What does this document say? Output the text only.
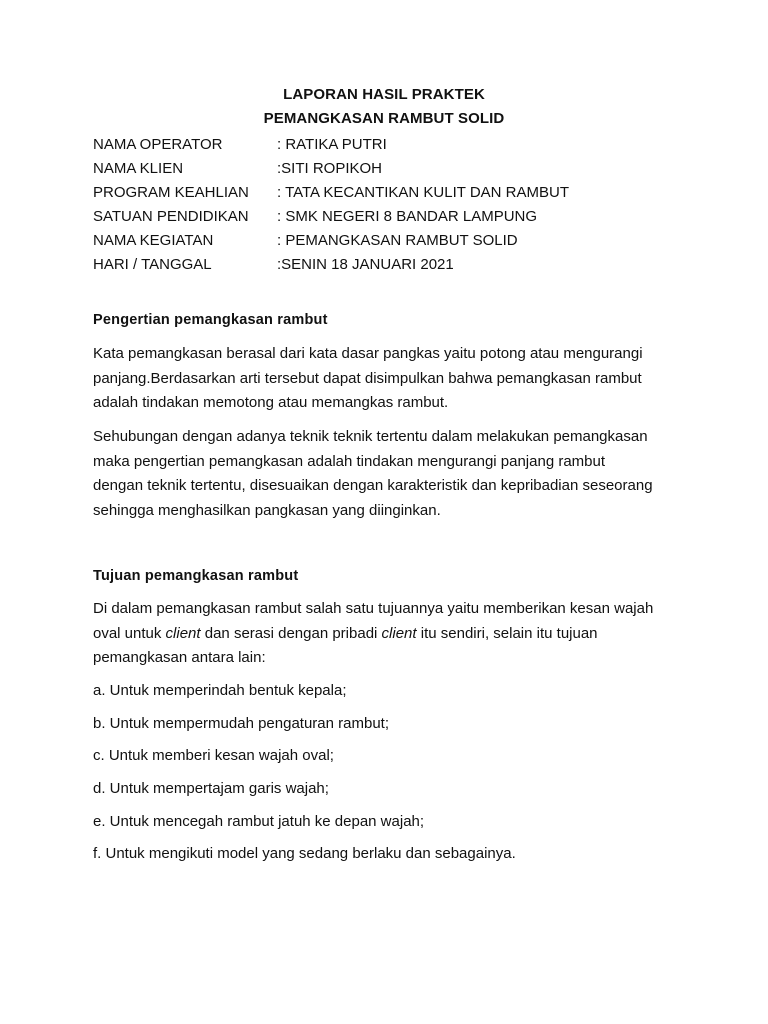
LAPORAN HASIL PRAKTEK
PEMANGKASAN RAMBUT SOLID
NAMA OPERATOR	: RATIKA PUTRI
NAMA KLIEN	:SITI ROPIKOH
PROGRAM KEAHLIAN : TATA KECANTIKAN KULIT DAN RAMBUT
SATUAN PENDIDIKAN : SMK NEGERI 8 BANDAR LAMPUNG
NAMA KEGIATAN	: PEMANGKASAN RAMBUT SOLID
HARI / TANGGAL	:SENIN 18 JANUARI 2021
Pengertian pemangkasan rambut
Kata pemangkasan berasal dari kata dasar pangkas yaitu potong atau mengurangi
panjang.Berdasarkan arti tersebut dapat disimpulkan bahwa pemangkasan rambut
adalah tindakan memotong atau memangkas rambut.
Sehubungan dengan adanya teknik teknik tertentu dalam melakukan pemangkasan
maka pengertian pemangkasan adalah tindakan mengurangi panjang rambut
dengan teknik tertentu, disesuaikan dengan karakteristik dan kepribadian seseorang
sehingga menghasilkan pangkasan yang diinginkan.
Tujuan pemangkasan rambut
Di dalam pemangkasan rambut salah satu tujuannya yaitu memberikan kesan wajah
oval untuk client dan serasi dengan pribadi client itu sendiri, selain itu tujuan
pemangkasan antara lain:
a. Untuk memperindah bentuk kepala;
b. Untuk mempermudah pengaturan rambut;
c. Untuk memberi kesan wajah oval;
d. Untuk mempertajam garis wajah;
e. Untuk mencegah rambut jatuh ke depan wajah;
f. Untuk mengikuti model yang sedang berlaku dan sebagainya.
